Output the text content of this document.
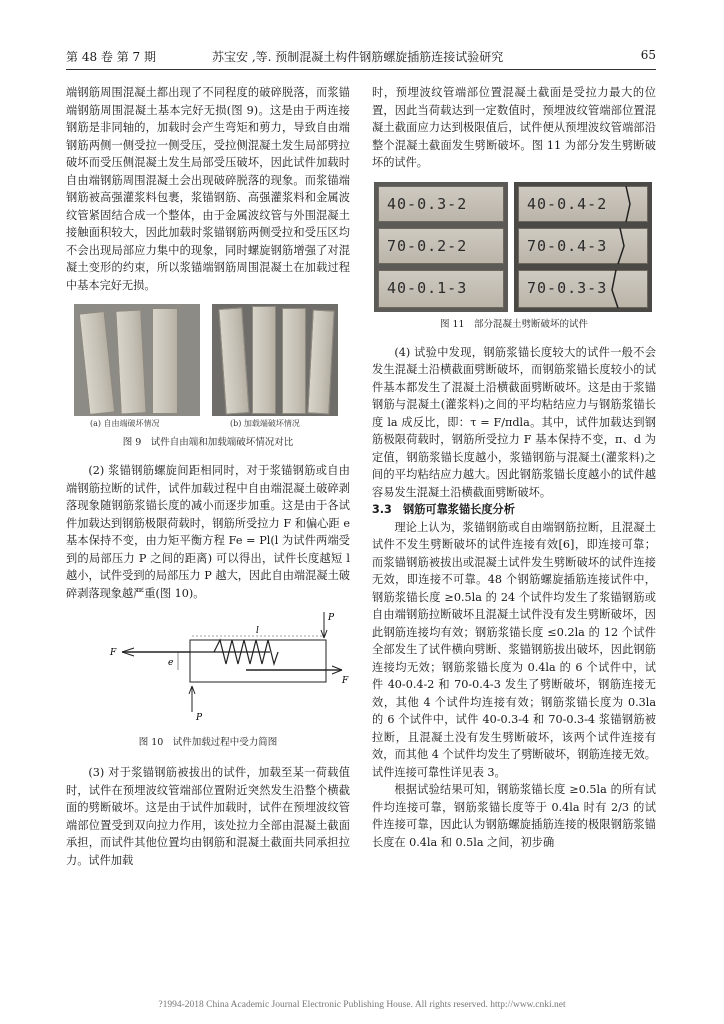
第 48 卷 第 7 期	苏宝安 ,等. 预制混凝土构件钢筋螺旋插筋连接试验研究	65

端钢筋周围混凝土都出现了不同程度的破碎脱落，而浆锚端钢筋周围混凝土基本完好无损(图 9)。这是由于两连接钢筋是非同轴的，加载时会产生弯矩和剪力，导致自由端钢筋两侧一侧受拉一侧受压，受拉侧混凝土发生局部劈拉破坏而受压侧混凝土发生局部受压破坏，因此试件加载时自由端钢筋周围混凝土会出现破碎脱落的现象。而浆锚端钢筋被高强灌浆料包裹，浆锚钢筋、高强灌浆料和金属波纹管紧固结合成一个整体，由于金属波纹管与外围混凝土接触面积较大，因此加载时浆锚钢筋两侧受拉和受压区均不会出现局部应力集中的现象，同时螺旋钢筋增强了对混凝土变形的约束，所以浆锚端钢筋周围混凝土在加载过程中基本完好无损。

(a) 自由端破坏情况	(b) 加载端破坏情况
图 9　试件自由端和加载端破坏情况对比

(2) 浆锚钢筋螺旋间距相同时，对于浆锚钢筋或自由端钢筋拉断的试件，试件加载过程中自由端混凝土破碎剥落现象随钢筋浆锚长度的减小而逐步加重。这是由于各试件加载达到钢筋极限荷载时，钢筋所受拉力 F 和偏心距 e 基本保持不变，由力矩平衡方程 Fe = Pl(l 为试件两端受到的局部压力 P 之间的距离) 可以得出，试件长度越短 l 越小，试件受到的局部压力 P 越大，因此自由端混凝土破碎剥落现象越严重(图 10)。

P
P
F
F
l
e
图 10　试件加载过程中受力简图

(3) 对于浆锚钢筋被拔出的试件，加载至某一荷载值时，试件在预埋波纹管端部位置附近突然发生沿整个横截面的劈断破坏。这是由于试件加载时，试件在预埋波纹管端部位置受到双向拉力作用，该处拉力全部由混凝土截面承担，而试件其他位置均由钢筋和混凝土截面共同承担拉力。试件加载

时，预埋波纹管端部位置混凝土截面是受拉力最大的位置，因此当荷载达到一定数值时，预埋波纹管端部位置混凝土截面应力达到极限值后，试件便从预埋波纹管端部沿整个混凝土截面发生劈断破坏。图 11 为部分发生劈断破坏的试件。

40-0.3-2
70-0.2-2
40-0.1-3
40-0.4-2
70-0.4-3
70-0.3-3
图 11　部分混凝土劈断破坏的试件

(4) 试验中发现，钢筋浆锚长度较大的试件一般不会发生混凝土沿横截面劈断破坏，而钢筋浆锚长度较小的试件基本都发生了混凝土沿横截面劈断破坏。这是由于浆锚钢筋与混凝土(灌浆料)之间的平均粘结应力与钢筋浆锚长度 la 成反比，即：τ = F/πdla。其中，试件加载达到钢筋极限荷载时，钢筋所受拉力 F 基本保持不变，π、d 为定值，钢筋浆锚长度越小，浆锚钢筋与混凝土(灌浆料)之间的平均粘结应力越大。因此钢筋浆锚长度越小的试件越容易发生混凝土沿横截面劈断破坏。

3.3　钢筋可靠浆锚长度分析

理论上认为，浆锚钢筋或自由端钢筋拉断，且混凝土试件不发生劈断破坏的试件连接有效[6]，即连接可靠；而浆锚钢筋被拔出或混凝土试件发生劈断破坏的试件连接无效，即连接不可靠。48 个钢筋螺旋插筋连接试件中，钢筋浆锚长度 ≥0.5la 的 24 个试件均发生了浆锚钢筋或自由端钢筋拉断破坏且混凝土试件没有发生劈断破坏，因此钢筋连接均有效；钢筋浆锚长度 ≤0.2la 的 12 个试件全部发生了试件横向劈断、浆锚钢筋拔出破坏，因此钢筋连接均无效；钢筋浆锚长度为 0.4la 的 6 个试件中，试件 40-0.4-2 和 70-0.4-3 发生了劈断破坏，钢筋连接无效，其他 4 个试件均连接有效；钢筋浆锚长度为 0.3la 的 6 个试件中，试件 40-0.3-4 和 70-0.3-4 浆锚钢筋被拉断，且混凝土没有发生劈断破坏，该两个试件连接有效，而其他 4 个试件均发生了劈断破坏，钢筋连接无效。试件连接可靠性详见表 3。

根据试验结果可知，钢筋浆锚长度 ≥0.5la 的所有试件均连接可靠，钢筋浆锚长度等于 0.4la 时有 2/3 的试件连接可靠，因此认为钢筋螺旋插筋连接的极限钢筋浆锚长度在 0.4la 和 0.5la 之间，初步确

?1994-2018 China Academic Journal Electronic Publishing House. All rights reserved. http://www.cnki.net
